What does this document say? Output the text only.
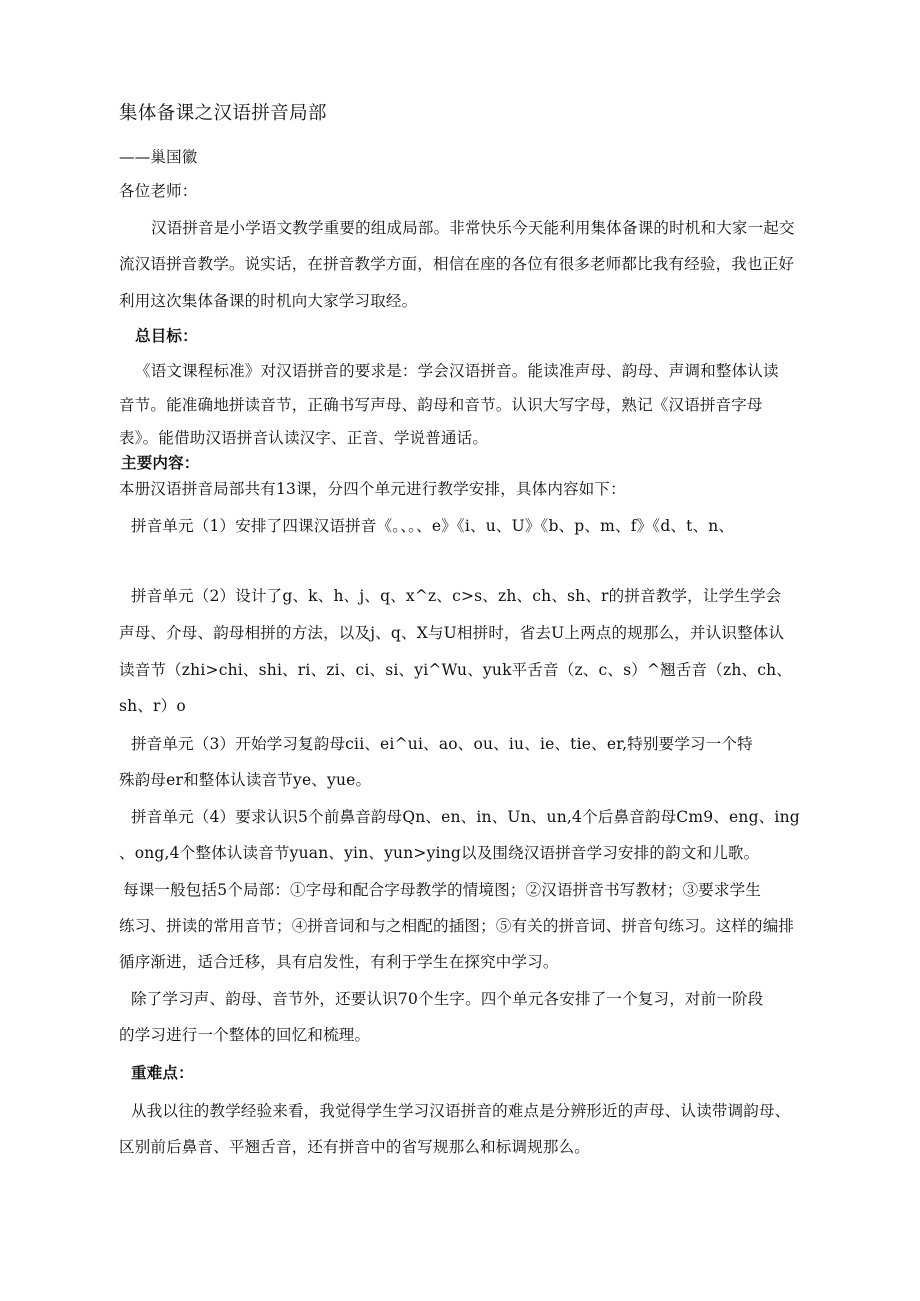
集体备课之汉语拼音局部
——巢国徽
各位老师：
汉语拼音是小学语文教学重要的组成局部。非常快乐今天能利用集体备课的时机和大家一起交
流汉语拼音教学。说实话，在拼音教学方面，相信在座的各位有很多老师都比我有经验，我也正好
利用这次集体备课的时机向大家学习取经。
总目标：
《语文课程标准》对汉语拼音的要求是：学会汉语拼音。能读准声母、韵母、声调和整体认读
音节。能准确地拼读音节，正确书写声母、韵母和音节。认识大写字母，熟记《汉语拼音字母
表》。能借助汉语拼音认读汉字、正音、学说普通话。
主要内容：
本册汉语拼音局部共有13课，分四个单元进行教学安排，具体内容如下：
拼音单元（1）安排了四课汉语拼音《。、。、e》《i、u、U》《b、p、m、f》《d、t、n、
拼音单元（2）设计了g、k、h、j、q、x^z、c>s、zh、ch、sh、r的拼音教学，让学生学会
声母、介母、韵母相拼的方法，以及j、q、X与U相拼时，省去U上两点的规那么，并认识整体认
读音节（zhi>chi、shi、ri、zi、ci、si、yi^Wu、yuk平舌音（z、c、s）^翘舌音（zh、ch、
sh、r）o
拼音单元（3）开始学习复韵母cii、ei^ui、ao、ou、iu、ie、tie、er,特别要学习一个特
殊韵母er和整体认读音节ye、yue。
拼音单元（4）要求认识5个前鼻音韵母Qn、en、in、Un、un,4个后鼻音韵母Cm9、eng、ing
、ong,4个整体认读音节yuan、yin、yun>ying以及围绕汉语拼音学习安排的韵文和儿歌。
每课一般包括5个局部：①字母和配合字母教学的情境图；②汉语拼音书写教材；③要求学生
练习、拼读的常用音节；④拼音词和与之相配的插图；⑤有关的拼音词、拼音句练习。这样的编排
循序渐进，适合迁移，具有启发性，有利于学生在探究中学习。
除了学习声、韵母、音节外，还要认识70个生字。四个单元各安排了一个复习，对前一阶段
的学习进行一个整体的回忆和梳理。
重难点：
从我以往的教学经验来看，我觉得学生学习汉语拼音的难点是分辨形近的声母、认读带调韵母、
区别前后鼻音、平翘舌音，还有拼音中的省写规那么和标调规那么。
